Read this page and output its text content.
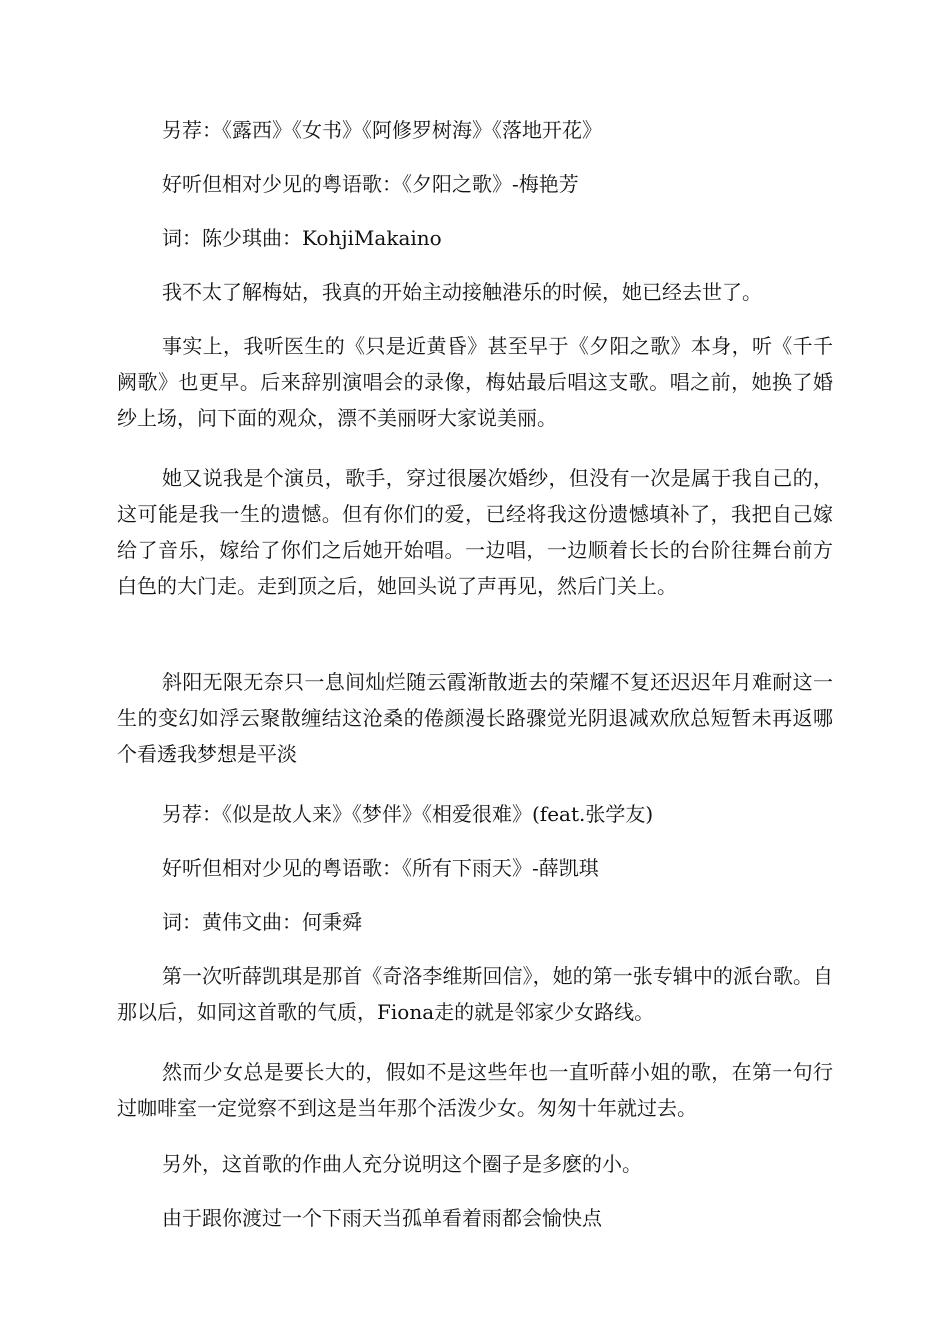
另荐：《露西》《女书》《阿修罗树海》《落地开花》

好听但相对少见的粤语歌：《夕阳之歌》-梅艳芳

词：陈少琪曲：KohjiMakaino

我不太了解梅姑，我真的开始主动接触港乐的时候，她已经去世了。

事实上，我听医生的《只是近黄昏》甚至早于《夕阳之歌》本身，听《千千阙歌》也更早。后来辞别演唱会的录像，梅姑最后唱这支歌。唱之前，她换了婚纱上场，问下面的观众，漂不美丽呀大家说美丽。

她又说我是个演员，歌手，穿过很屡次婚纱，但没有一次是属于我自己的，这可能是我一生的遗憾。但有你们的爱，已经将我这份遗憾填补了，我把自己嫁给了音乐，嫁给了你们之后她开始唱。一边唱，一边顺着长长的台阶往舞台前方白色的大门走。走到顶之后，她回头说了声再见，然后门关上。

斜阳无限无奈只一息间灿烂随云霞渐散逝去的荣耀不复还迟迟年月难耐这一生的变幻如浮云聚散缠结这沧桑的倦颜漫长路骤觉光阴退减欢欣总短暂未再返哪个看透我梦想是平淡

另荐：《似是故人来》《梦伴》《相爱很难》(feat.张学友)

好听但相对少见的粤语歌：《所有下雨天》-薛凯琪

词：黄伟文曲：何秉舜

第一次听薛凯琪是那首《奇洛李维斯回信》，她的第一张专辑中的派台歌。自那以后，如同这首歌的气质，Fiona走的就是邻家少女路线。

然而少女总是要长大的，假如不是这些年也一直听薛小姐的歌，在第一句行过咖啡室一定觉察不到这是当年那个活泼少女。匆匆十年就过去。

另外，这首歌的作曲人充分说明这个圈子是多麽的小。

由于跟你渡过一个下雨天当孤单看着雨都会愉快点
